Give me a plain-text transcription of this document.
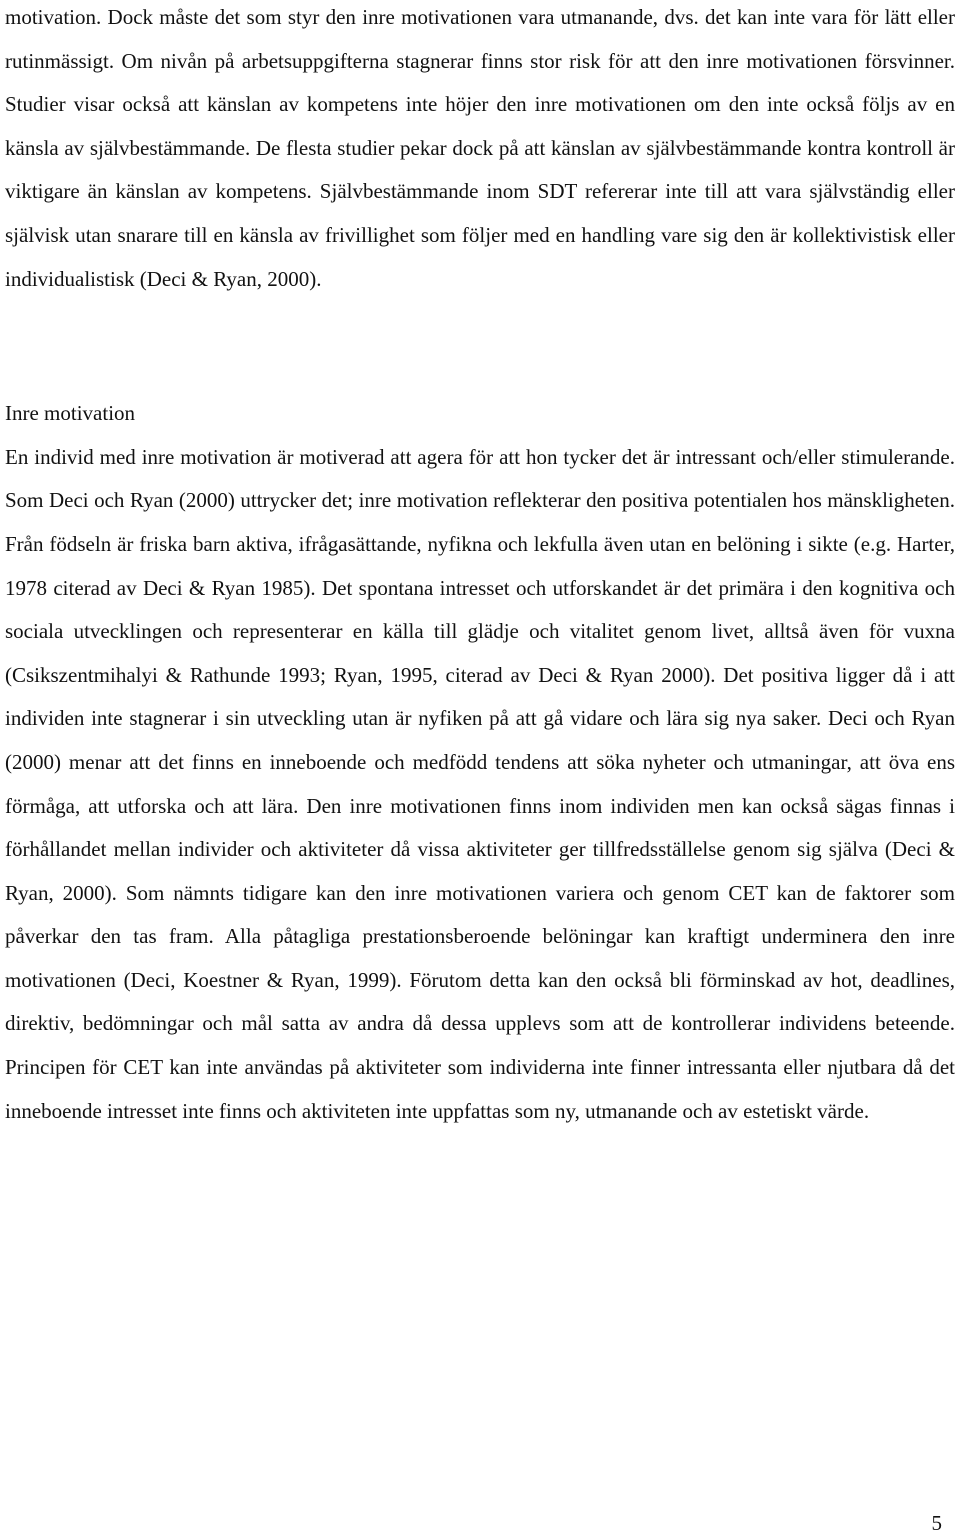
motivation. Dock måste det som styr den inre motivationen vara utmanande, dvs. det kan inte vara för lätt eller rutinmässigt. Om nivån på arbetsuppgifterna stagnerar finns stor risk för att den inre motivationen försvinner. Studier visar också att känslan av kompetens inte höjer den inre motivationen om den inte också följs av en känsla av självbestämmande. De flesta studier pekar dock på att känslan av självbestämmande kontra kontroll är viktigare än känslan av kompetens. Självbestämmande inom SDT refererar inte till att vara självständig eller självisk utan snarare till en känsla av frivillighet som följer med en handling vare sig den är kollektivistisk eller individualistisk (Deci & Ryan, 2000).

Inre motivation

En individ med inre motivation är motiverad att agera för att hon tycker det är intressant och/eller stimulerande. Som Deci och Ryan (2000) uttrycker det; inre motivation reflekterar den positiva potentialen hos mänskligheten. Från födseln är friska barn aktiva, ifrågasättande, nyfikna och lekfulla även utan en belöning i sikte (e.g. Harter, 1978 citerad av Deci & Ryan 1985). Det spontana intresset och utforskandet är det primära i den kognitiva och sociala utvecklingen och representerar en källa till glädje och vitalitet genom livet, alltså även för vuxna (Csikszentmihalyi & Rathunde 1993; Ryan, 1995, citerad av Deci & Ryan 2000). Det positiva ligger då i att individen inte stagnerar i sin utveckling utan är nyfiken på att gå vidare och lära sig nya saker. Deci och Ryan (2000) menar att det finns en inneboende och medfödd tendens att söka nyheter och utmaningar, att öva ens förmåga, att utforska och att lära. Den inre motivationen finns inom individen men kan också sägas finnas i förhållandet mellan individer och aktiviteter då vissa aktiviteter ger tillfredsställelse genom sig själva (Deci & Ryan, 2000). Som nämnts tidigare kan den inre motivationen variera och genom CET kan de faktorer som påverkar den tas fram. Alla påtagliga prestationsberoende belöningar kan kraftigt underminera den inre motivationen (Deci, Koestner & Ryan, 1999). Förutom detta kan den också bli förminskad av hot, deadlines, direktiv, bedömningar och mål satta av andra då dessa upplevs som att de kontrollerar individens beteende. Principen för CET kan inte användas på aktiviteter som individerna inte finner intressanta eller njutbara då det inneboende intresset inte finns och aktiviteten inte uppfattas som ny, utmanande och av estetiskt värde.

5
